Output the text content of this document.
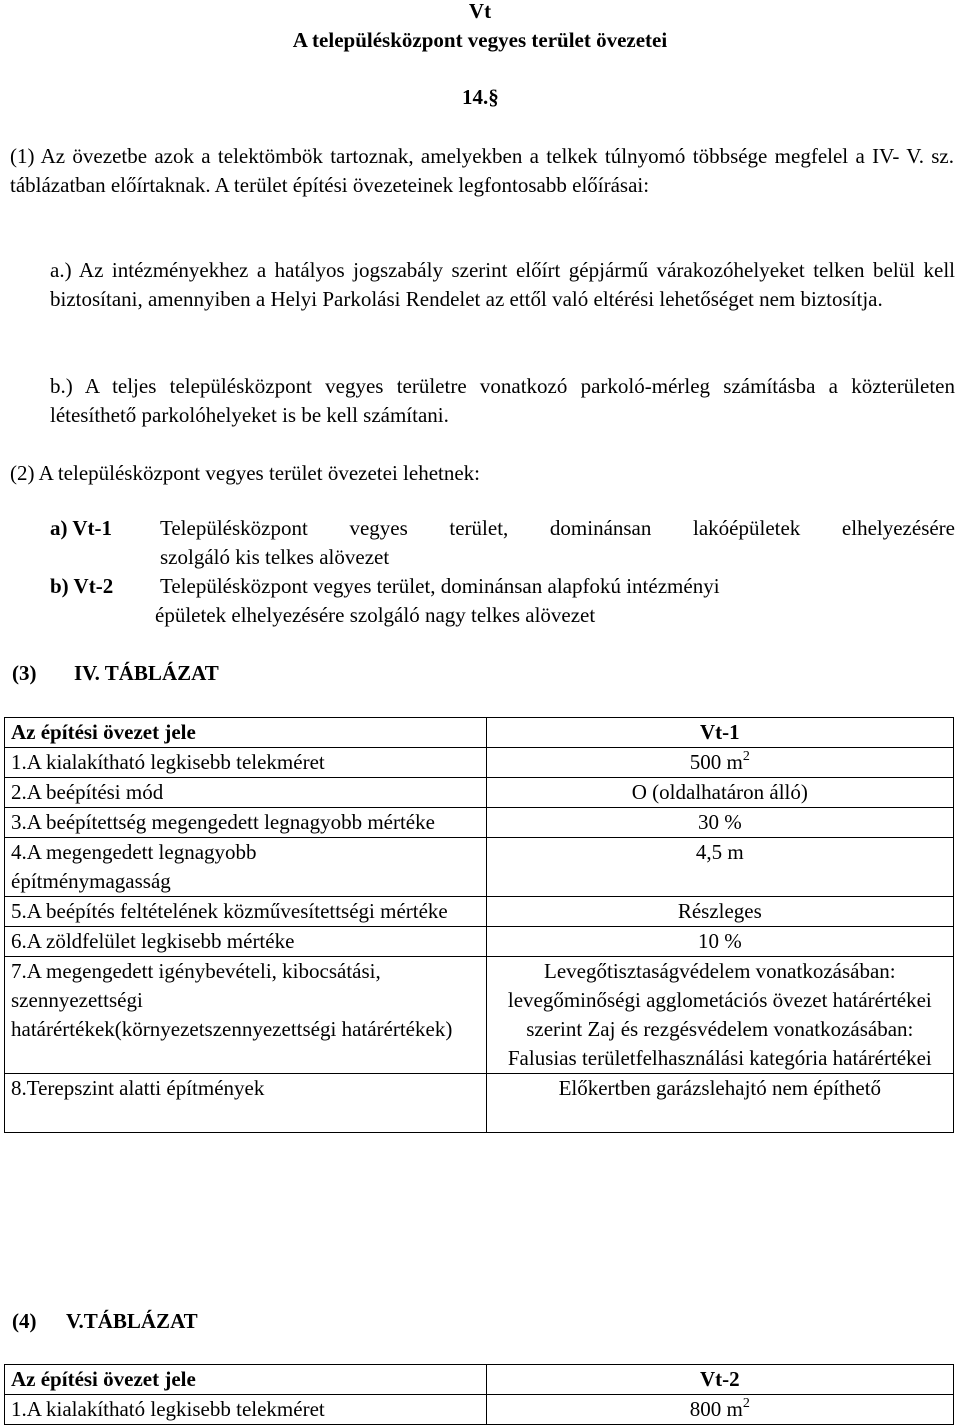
Vt
A településközpont vegyes terület övezetei
14.§
(1) Az övezetbe azok a telektömbök tartoznak, amelyekben a telkek túlnyomó többsége megfelel a IV- V. sz. táblázatban előírtaknak. A terület építési övezeteinek legfontosabb előírásai:
a.) Az intézményekhez a hatályos jogszabály szerint előírt gépjármű várakozóhelyeket telken belül kell biztosítani, amennyiben a Helyi Parkolási Rendelet az ettől való eltérési lehetőséget nem biztosítja.
b.) A teljes településközpont vegyes területre vonatkozó parkoló-mérleg számításba a közterületen létesíthető parkolóhelyeket is be kell számítani.
(2) A településközpont vegyes terület övezetei lehetnek:
a) Vt-1 Településközpont vegyes terület, dominánsan lakóépületek elhelyezésére
szolgáló kis telkes alövezet
b) Vt-2 Településközpont vegyes terület, dominánsan alapfokú intézményi
épületek elhelyezésére szolgáló nagy telkes alövezet
(3) IV. TÁBLÁZAT
Az építési övezet jele	Vt-1
1.A kialakítható legkisebb telekméret	500 $m^2$
2.A beépítési mód	O (oldalhatáron álló)
3.A beépítettség megengedett legnagyobb mértéke	30 %
4.A megengedett legnagyobb építménymagasság	4,5 m
5.A beépítés feltételének közművesítettségi mértéke	Részleges
6.A zöldfelület legkisebb mértéke	10 %
7.A megengedett igénybevételi, kibocsátási, szennyezettségi határértékek(környezetszennyezettségi határértékek)	Levegőtisztaságvédelem vonatkozásában: levegőminőségi agglometációs övezet határértékei szerint Zaj és rezgésvédelem vonatkozásában: Falusias területfelhasználási kategória határértékei
8.Terepszint alatti építmények	Előkertben garázslehajtó nem építhető
(4) V.TÁBLÁZAT
Az építési övezet jele	Vt-2
1.A kialakítható legkisebb telekméret	800 $m^2$
